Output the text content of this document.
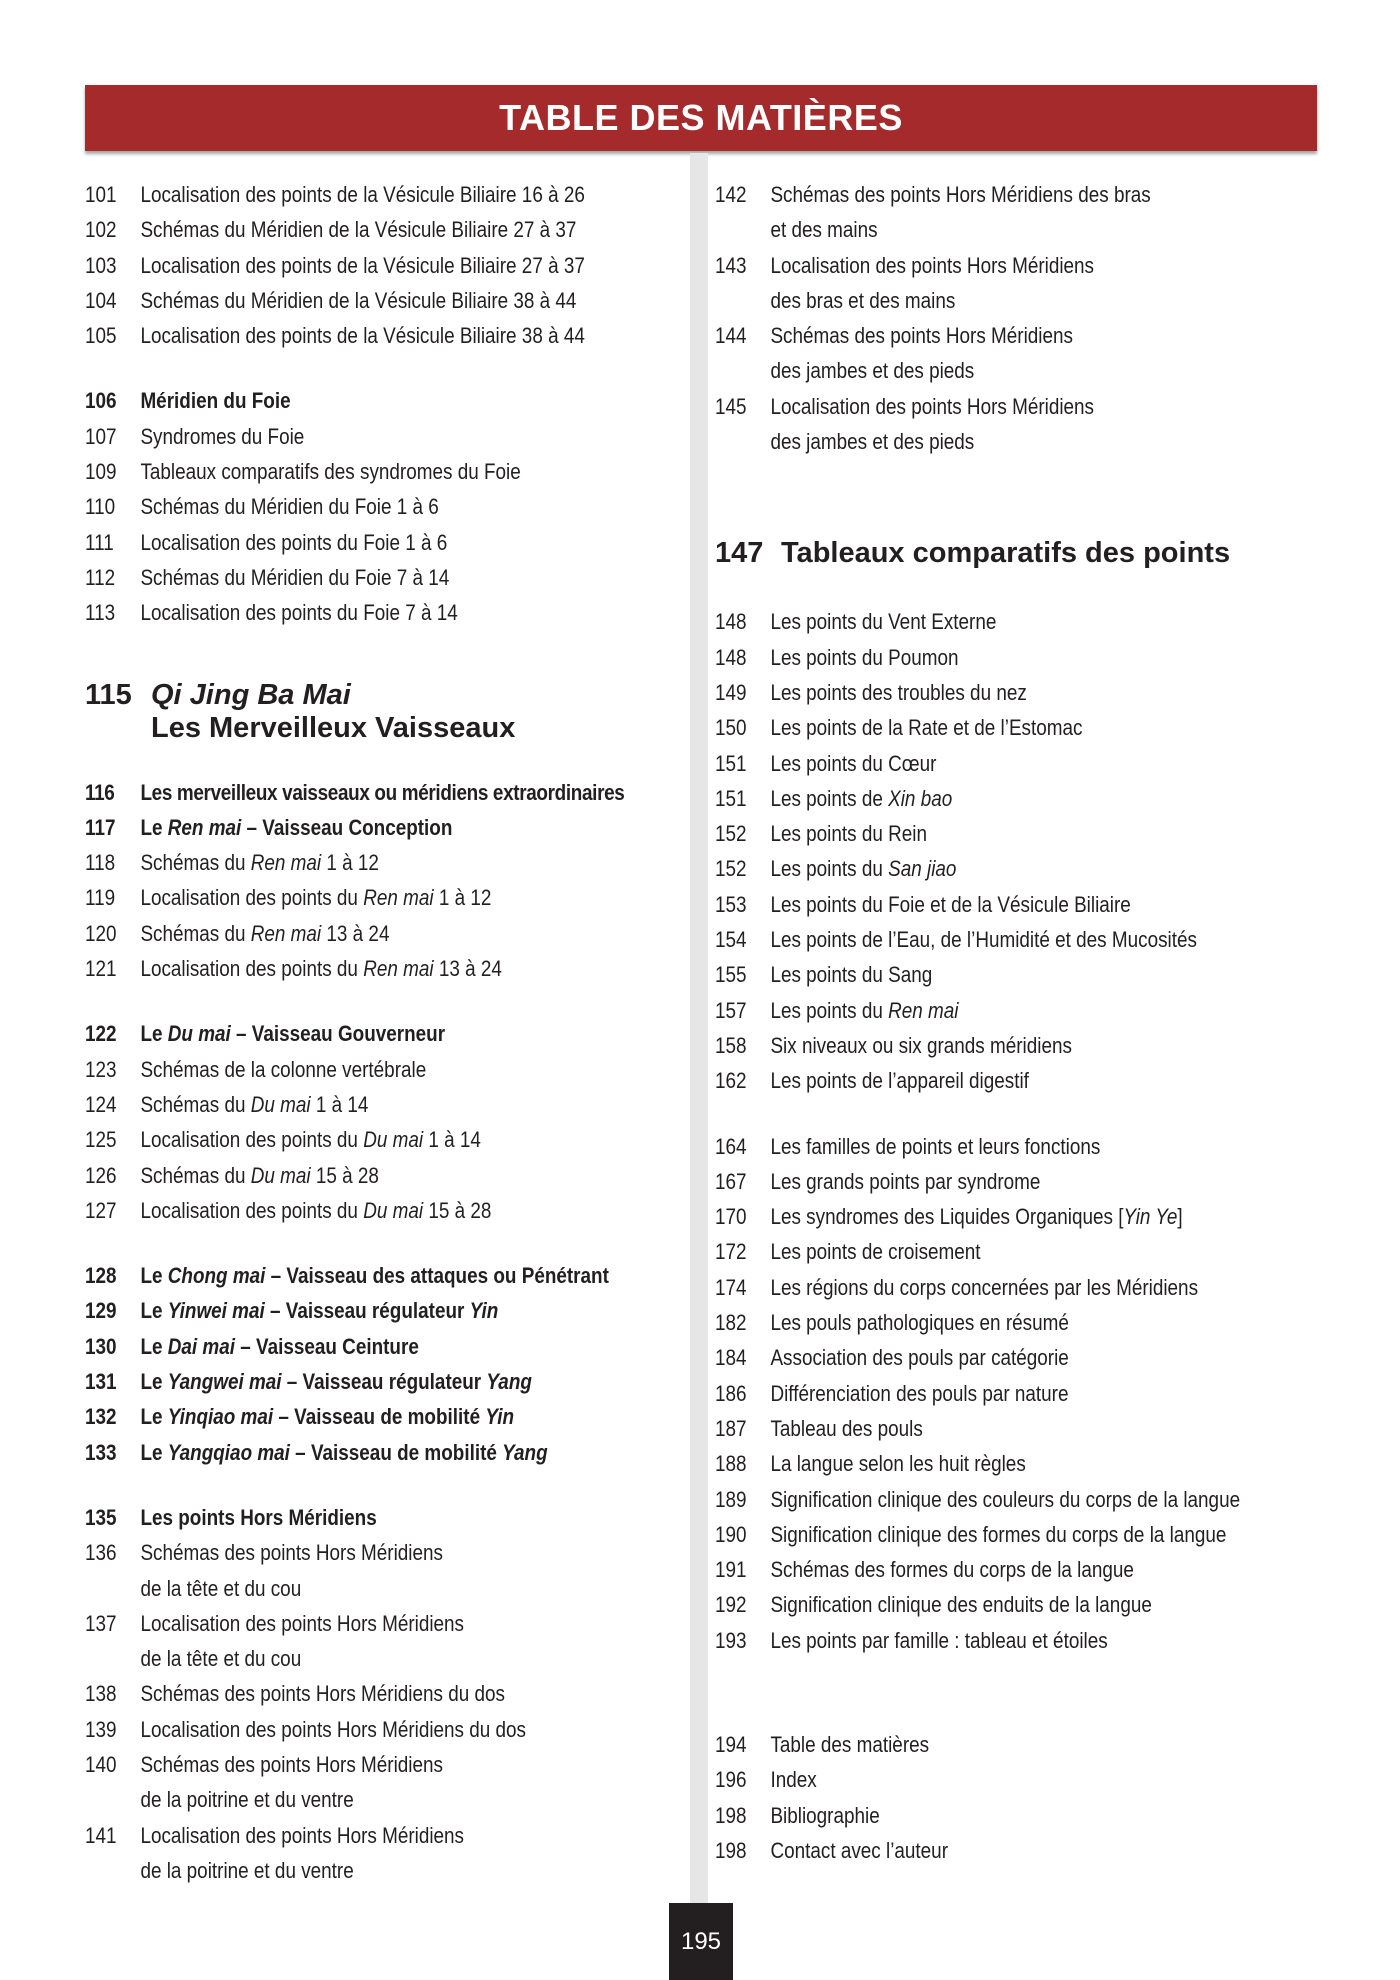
TABLE DES MATIÈRES
101 Localisation des points de la Vésicule Biliaire 16 à 26
102 Schémas du Méridien de la Vésicule Biliaire 27 à 37
103 Localisation des points de la Vésicule Biliaire 27 à 37
104 Schémas du Méridien de la Vésicule Biliaire 38 à 44
105 Localisation des points de la Vésicule Biliaire 38 à 44
106 Méridien du Foie
107 Syndromes du Foie
109 Tableaux comparatifs des syndromes du Foie
110 Schémas du Méridien du Foie 1 à 6
111 Localisation des points du Foie 1 à 6
112 Schémas du Méridien du Foie 7 à 14
113 Localisation des points du Foie 7 à 14
115 Qi Jing Ba Mai
Les Merveilleux Vaisseaux
116 Les merveilleux vaisseaux ou méridiens extraordinaires
117 Le Ren mai – Vaisseau Conception
118 Schémas du Ren mai 1 à 12
119 Localisation des points du Ren mai 1 à 12
120 Schémas du Ren mai 13 à 24
121 Localisation des points du Ren mai 13 à 24
122 Le Du mai – Vaisseau Gouverneur
123 Schémas de la colonne vertébrale
124 Schémas du Du mai 1 à 14
125 Localisation des points du Du mai 1 à 14
126 Schémas du Du mai 15 à 28
127 Localisation des points du Du mai 15 à 28
128 Le Chong mai – Vaisseau des attaques ou Pénétrant
129 Le Yinwei mai – Vaisseau régulateur Yin
130 Le Dai mai – Vaisseau Ceinture
131 Le Yangwei mai – Vaisseau régulateur Yang
132 Le Yinqiao mai – Vaisseau de mobilité Yin
133 Le Yangqiao mai – Vaisseau de mobilité Yang
135 Les points Hors Méridiens
136 Schémas des points Hors Méridiens
de la tête et du cou
137 Localisation des points Hors Méridiens
de la tête et du cou
138 Schémas des points Hors Méridiens du dos
139 Localisation des points Hors Méridiens du dos
140 Schémas des points Hors Méridiens
de la poitrine et du ventre
141 Localisation des points Hors Méridiens
de la poitrine et du ventre
142 Schémas des points Hors Méridiens des bras
et des mains
143 Localisation des points Hors Méridiens
des bras et des mains
144 Schémas des points Hors Méridiens
des jambes et des pieds
145 Localisation des points Hors Méridiens
des jambes et des pieds
147 Tableaux comparatifs des points
148 Les points du Vent Externe
148 Les points du Poumon
149 Les points des troubles du nez
150 Les points de la Rate et de l’Estomac
151 Les points du Cœur
151 Les points de Xin bao
152 Les points du Rein
152 Les points du San jiao
153 Les points du Foie et de la Vésicule Biliaire
154 Les points de l’Eau, de l’Humidité et des Mucosités
155 Les points du Sang
157 Les points du Ren mai
158 Six niveaux ou six grands méridiens
162 Les points de l’appareil digestif
164 Les familles de points et leurs fonctions
167 Les grands points par syndrome
170 Les syndromes des Liquides Organiques [Yin Ye]
172 Les points de croisement
174 Les régions du corps concernées par les Méridiens
182 Les pouls pathologiques en résumé
184 Association des pouls par catégorie
186 Différenciation des pouls par nature
187 Tableau des pouls
188 La langue selon les huit règles
189 Signification clinique des couleurs du corps de la langue
190 Signification clinique des formes du corps de la langue
191 Schémas des formes du corps de la langue
192 Signification clinique des enduits de la langue
193 Les points par famille : tableau et étoiles
194 Table des matières
196 Index
198 Bibliographie
198 Contact avec l’auteur
195
